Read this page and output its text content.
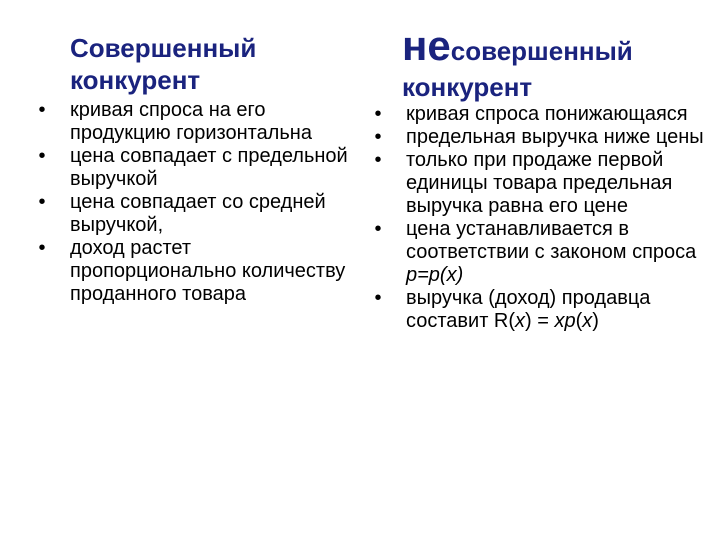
Совершенный
конкурент
•	кривая спроса на его продукцию горизонтальна
•	цена совпадает с предельной выручкой
•	цена совпадает со средней выручкой,
•	доход растет пропорционально количеству проданного товара
несовершенный
конкурент
•	кривая спроса понижающаяся
•	предельная выручка ниже цены
•	только при продаже первой единицы товара предельная выручка равна его цене
•	цена устанавливается в соответствии с законом спроса p=p(x)
•	выручка (доход) продавца составит R(x) = xp(x)
